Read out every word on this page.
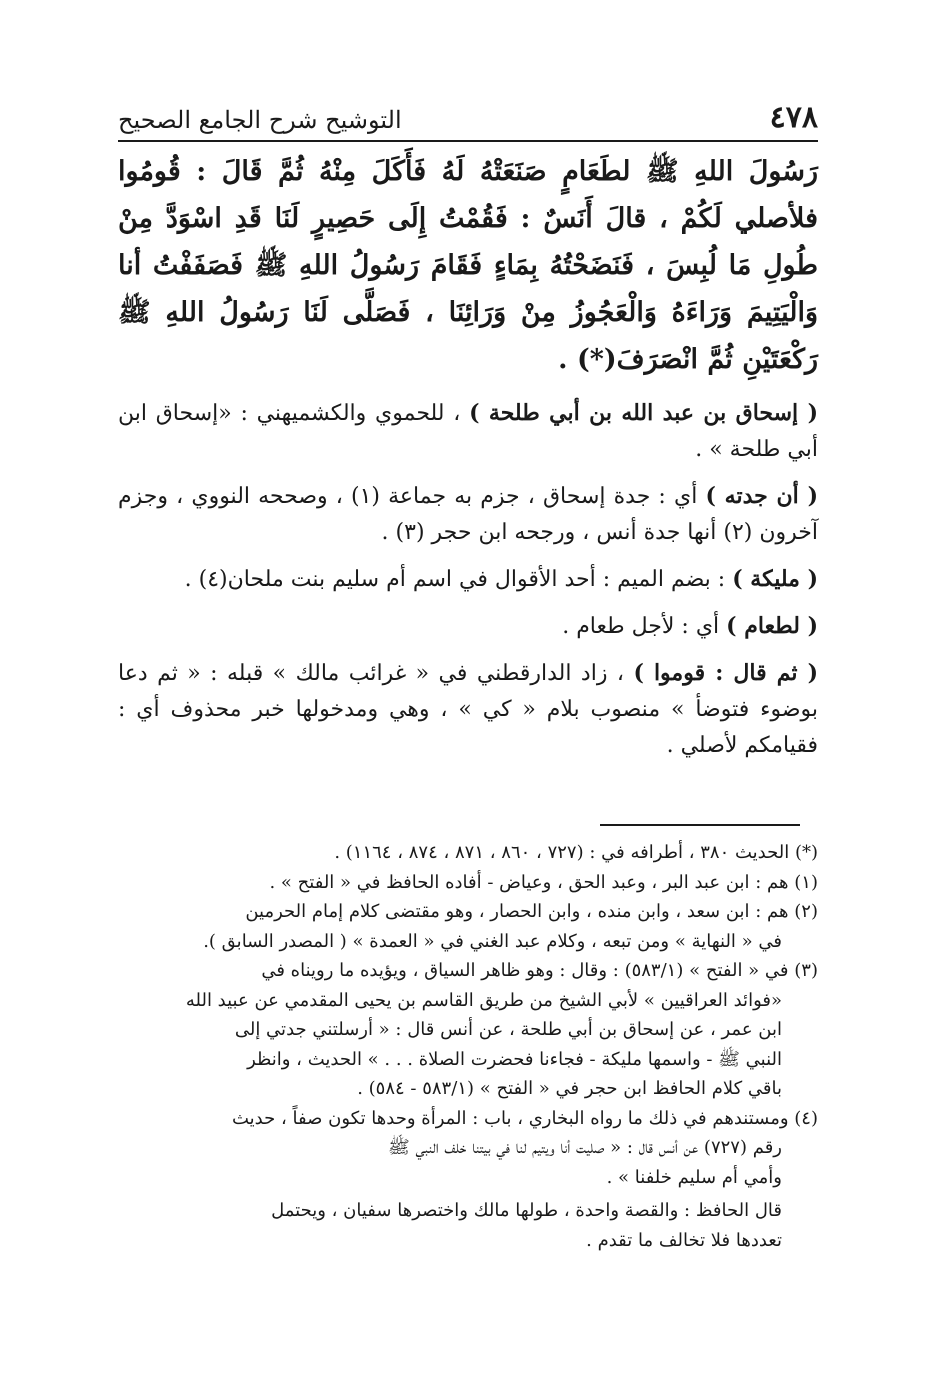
٤٧٨
التوشيح شرح الجامع الصحيح

رَسُولَ اللهِ ﷺ لطَعَامٍ صَنَعَتْهُ لَهُ فَأَكَلَ مِنْهُ ثُمَّ قَالَ : قُومُوا فلأصلي لَكُمْ ، قالَ أَنَسٌ : فَقُمْتُ إِلَى حَصِيرٍ لَنَا قَدِ اسْوَدَّ مِنْ طُولِ مَا لُبِسَ ، فَنَضَحْتُهُ بِمَاءٍ فَقَامَ رَسُولُ اللهِ ﷺ فَصَفَفْتُ أنا وَالْيَتِيمَ وَرَاءَهُ وَالْعَجُوزُ مِنْ وَرَائِنَا ، فَصَلَّى لَنَا رَسُولُ اللهِ ﷺ رَكْعَتَيْنِ ثُمَّ انْصَرَفَ(*) .

( إسحاق بن عبد الله بن أبي طلحة ) ، للحموي والكشميهني : «إسحاق ابن أبي طلحة » .

( أن جدته ) أي : جدة إسحاق ، جزم به جماعة (١) ، وصححه النووي ، وجزم آخرون (٢) أنها جدة أنس ، ورجحه ابن حجر (٣) .

( مليكة ) : بضم الميم : أحد الأقوال في اسم أم سليم بنت ملحان(٤) .

( لطعام ) أي : لأجل طعام .

( ثم قال : قوموا ) ، زاد الدارقطني في « غرائب مالك » قبله : « ثم دعا بوضوء فتوضأ » منصوب بلام « كي » ، وهي ومدخولها خبر محذوف أي : فقيامكم لأصلي .

(*) الحديث ٣٨٠ ، أطرافه في : (٧٢٧ ، ٨٦٠ ، ٨٧١ ، ٨٧٤ ، ١١٦٤) .

(١) هم : ابن عبد البر ، وعبد الحق ، وعياض - أفاده الحافظ في « الفتح » .

(٢) هم : ابن سعد ، وابن منده ، وابن الحصار ، وهو مقتضى كلام إمام الحرمين

في « النهاية » ومن تبعه ، وكلام عبد الغني في « العمدة » ( المصدر السابق ).

(٣) في « الفتح » (٥٨٣/١) : وقال : وهو ظاهر السياق ، ويؤيده ما رويناه في

«فوائد العراقيين » لأبي الشيخ من طريق القاسم بن يحيى المقدمي عن عبيد الله

ابن عمر ، عن إسحاق بن أبي طلحة ، عن أنس قال : « أرسلتني جدتي إلى

النبي ﷺ - واسمها مليكة - فجاءنا فحضرت الصلاة . . . » الحديث ، وانظر

باقي كلام الحافظ ابن حجر في « الفتح » (٥٨٣/١ - ٥٨٤) .

(٤) ومستندهم في ذلك ما رواه البخاري ، باب : المرأة وحدها تكون صفاً ، حديث

رقم (٧٢٧) عن أنس قال : « صليت أنا ويتيم لنا في بيتنا خلف النبي ﷺ

وأمي أم سليم خلفنا » .

قال الحافظ : والقصة واحدة ، طولها مالك واختصرها سفيان ، ويحتمل

تعددها فلا تخالف ما تقدم .
